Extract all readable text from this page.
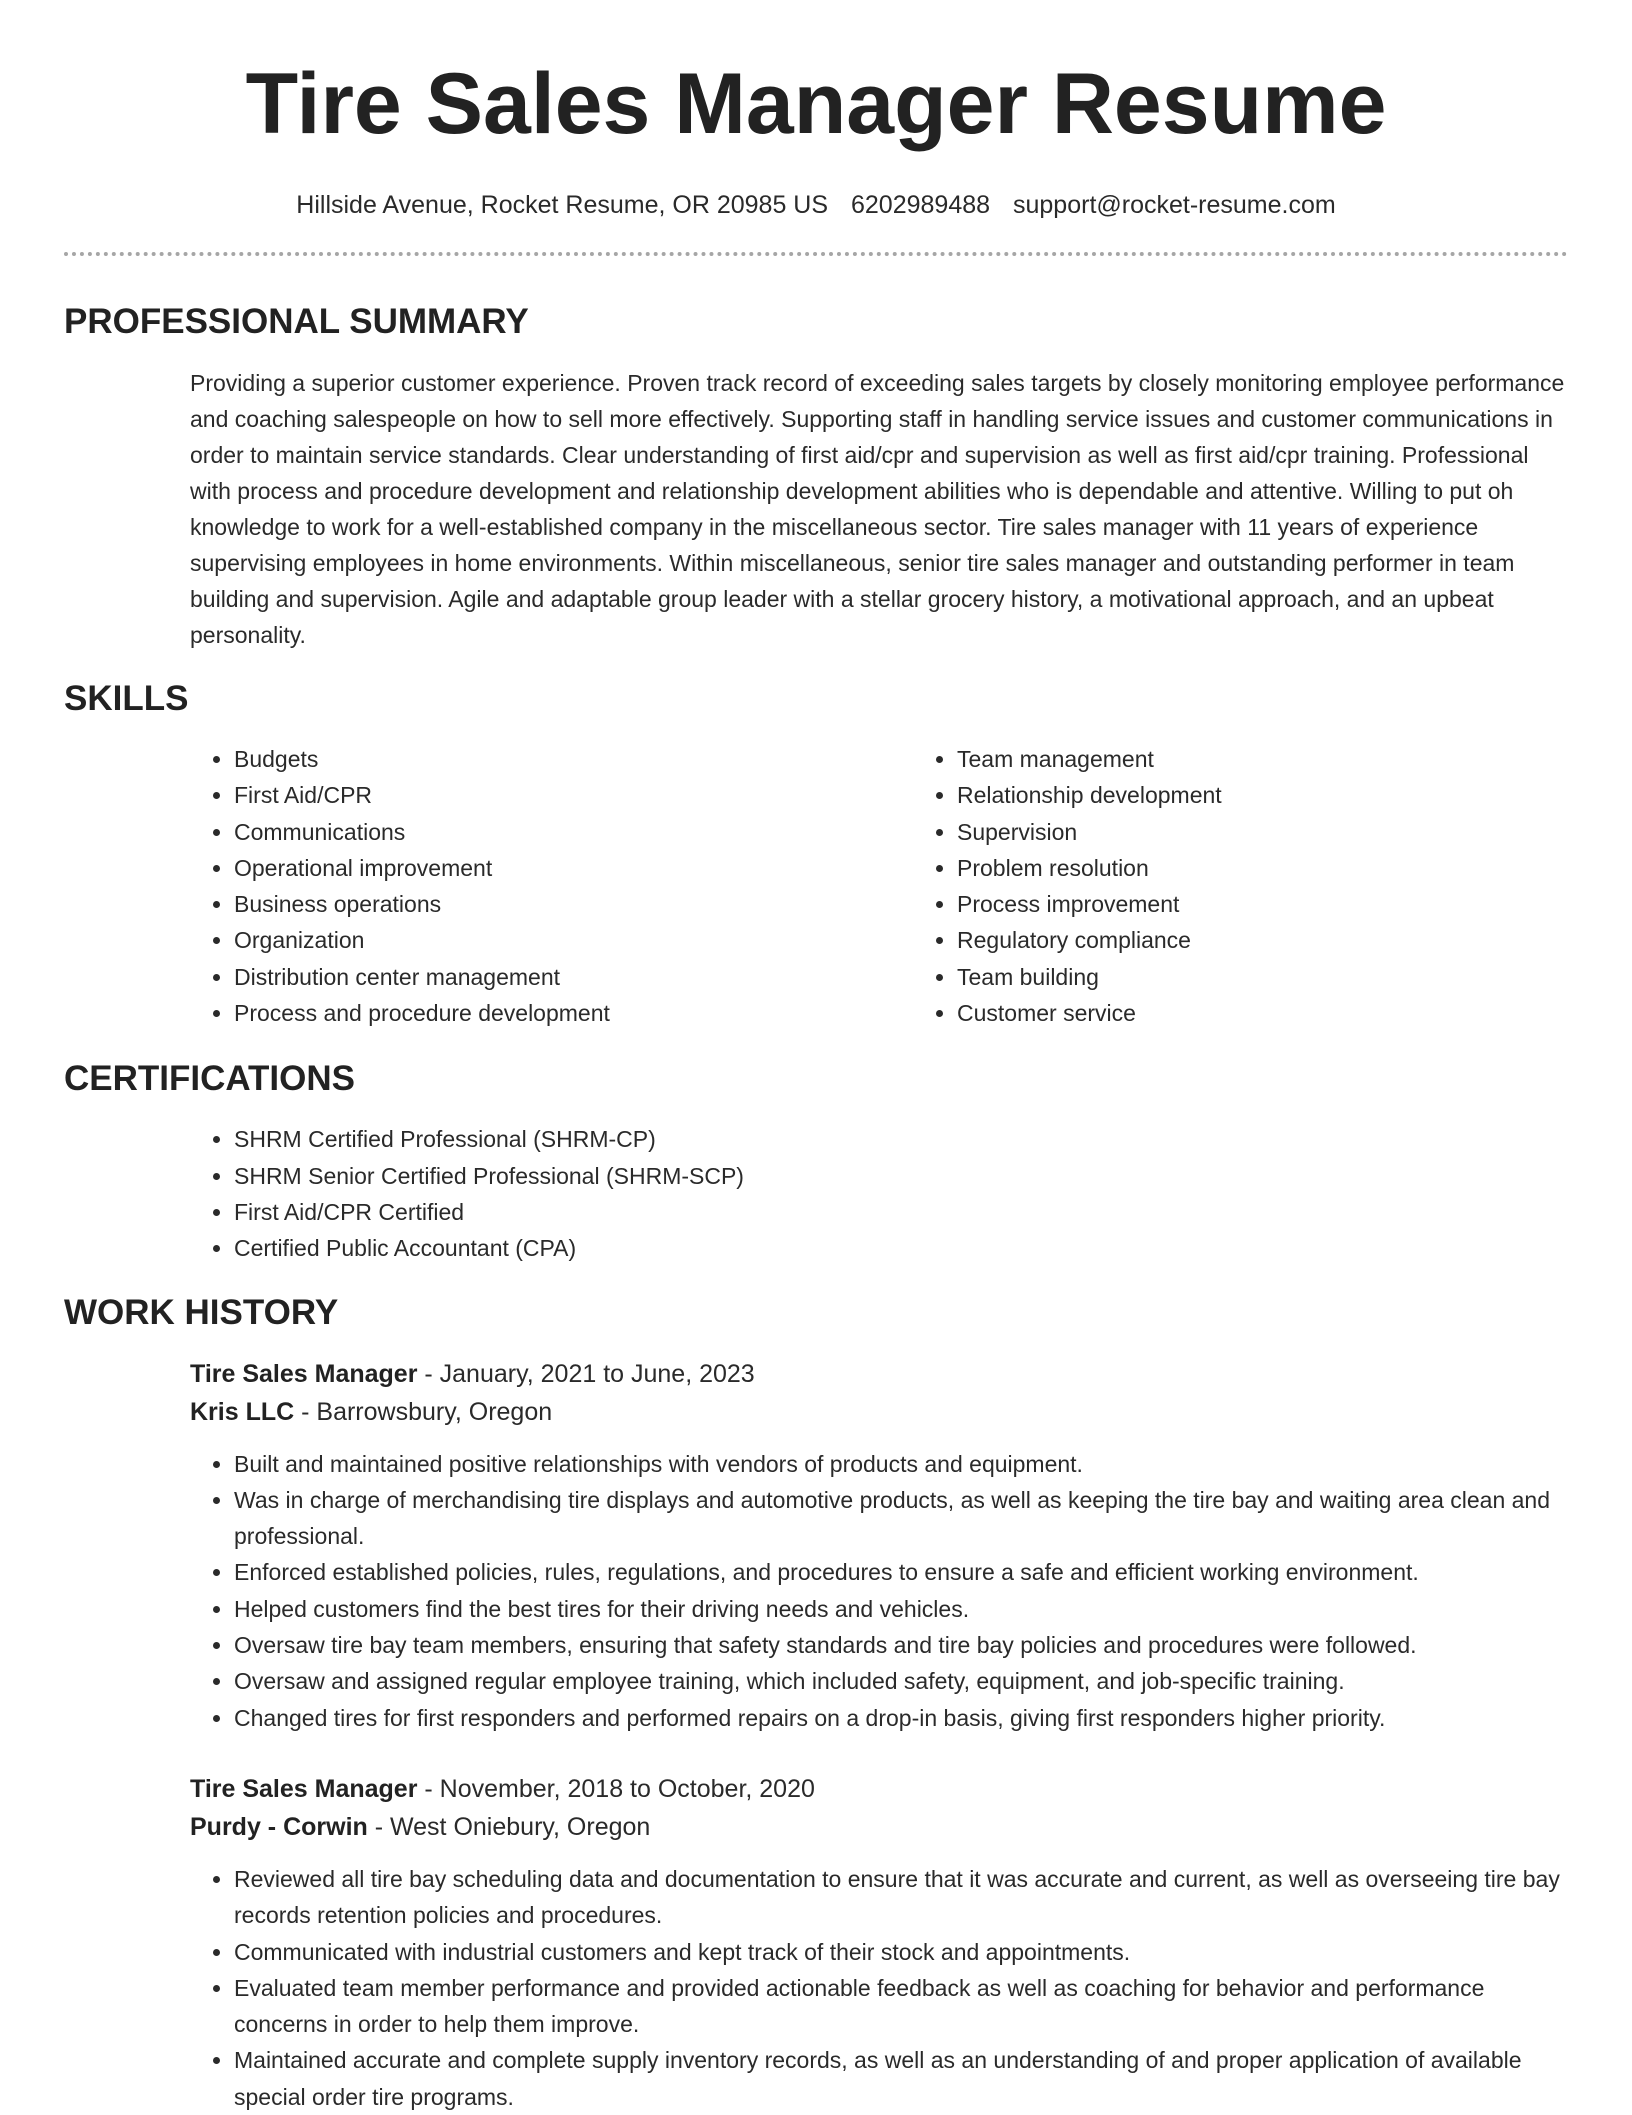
Tire Sales Manager Resume
Hillside Avenue, Rocket Resume, OR 20985 US 6202989488 support@rocket-resume.com
PROFESSIONAL SUMMARY

Providing a superior customer experience. Proven track record of exceeding sales targets by closely monitoring employee performance and coaching salespeople on how to sell more effectively. Supporting staff in handling service issues and customer communications in order to maintain service standards. Clear understanding of first aid/cpr and supervision as well as first aid/cpr training. Professional with process and procedure development and relationship development abilities who is dependable and attentive. Willing to put oh knowledge to work for a well-established company in the miscellaneous sector. Tire sales manager with 11 years of experience supervising employees in home environments. Within miscellaneous, senior tire sales manager and outstanding performer in team building and supervision. Agile and adaptable group leader with a stellar grocery history, a motivational approach, and an upbeat personality.

SKILLS
• Budgets
• First Aid/CPR
• Communications
• Operational improvement
• Business operations
• Organization
• Distribution center management
• Process and procedure development
• Team management
• Relationship development
• Supervision
• Problem resolution
• Process improvement
• Regulatory compliance
• Team building
• Customer service
CERTIFICATIONS
• SHRM Certified Professional (SHRM-CP)
• SHRM Senior Certified Professional (SHRM-SCP)
• First Aid/CPR Certified
• Certified Public Accountant (CPA)
WORK HISTORY
Tire Sales Manager - January, 2021 to June, 2023
Kris LLC - Barrowsbury, Oregon
• Built and maintained positive relationships with vendors of products and equipment.
• Was in charge of merchandising tire displays and automotive products, as well as keeping the tire bay and waiting area clean and professional.
• Enforced established policies, rules, regulations, and procedures to ensure a safe and efficient working environment.
• Helped customers find the best tires for their driving needs and vehicles.
• Oversaw tire bay team members, ensuring that safety standards and tire bay policies and procedures were followed.
• Oversaw and assigned regular employee training, which included safety, equipment, and job-specific training.
• Changed tires for first responders and performed repairs on a drop-in basis, giving first responders higher priority.
Tire Sales Manager - November, 2018 to October, 2020
Purdy - Corwin - West Oniebury, Oregon
• Reviewed all tire bay scheduling data and documentation to ensure that it was accurate and current, as well as overseeing tire bay records retention policies and procedures.
• Communicated with industrial customers and kept track of their stock and appointments.
• Evaluated team member performance and provided actionable feedback as well as coaching for behavior and performance concerns in order to help them improve.
• Maintained accurate and complete supply inventory records, as well as an understanding of and proper application of available special order tire programs.
